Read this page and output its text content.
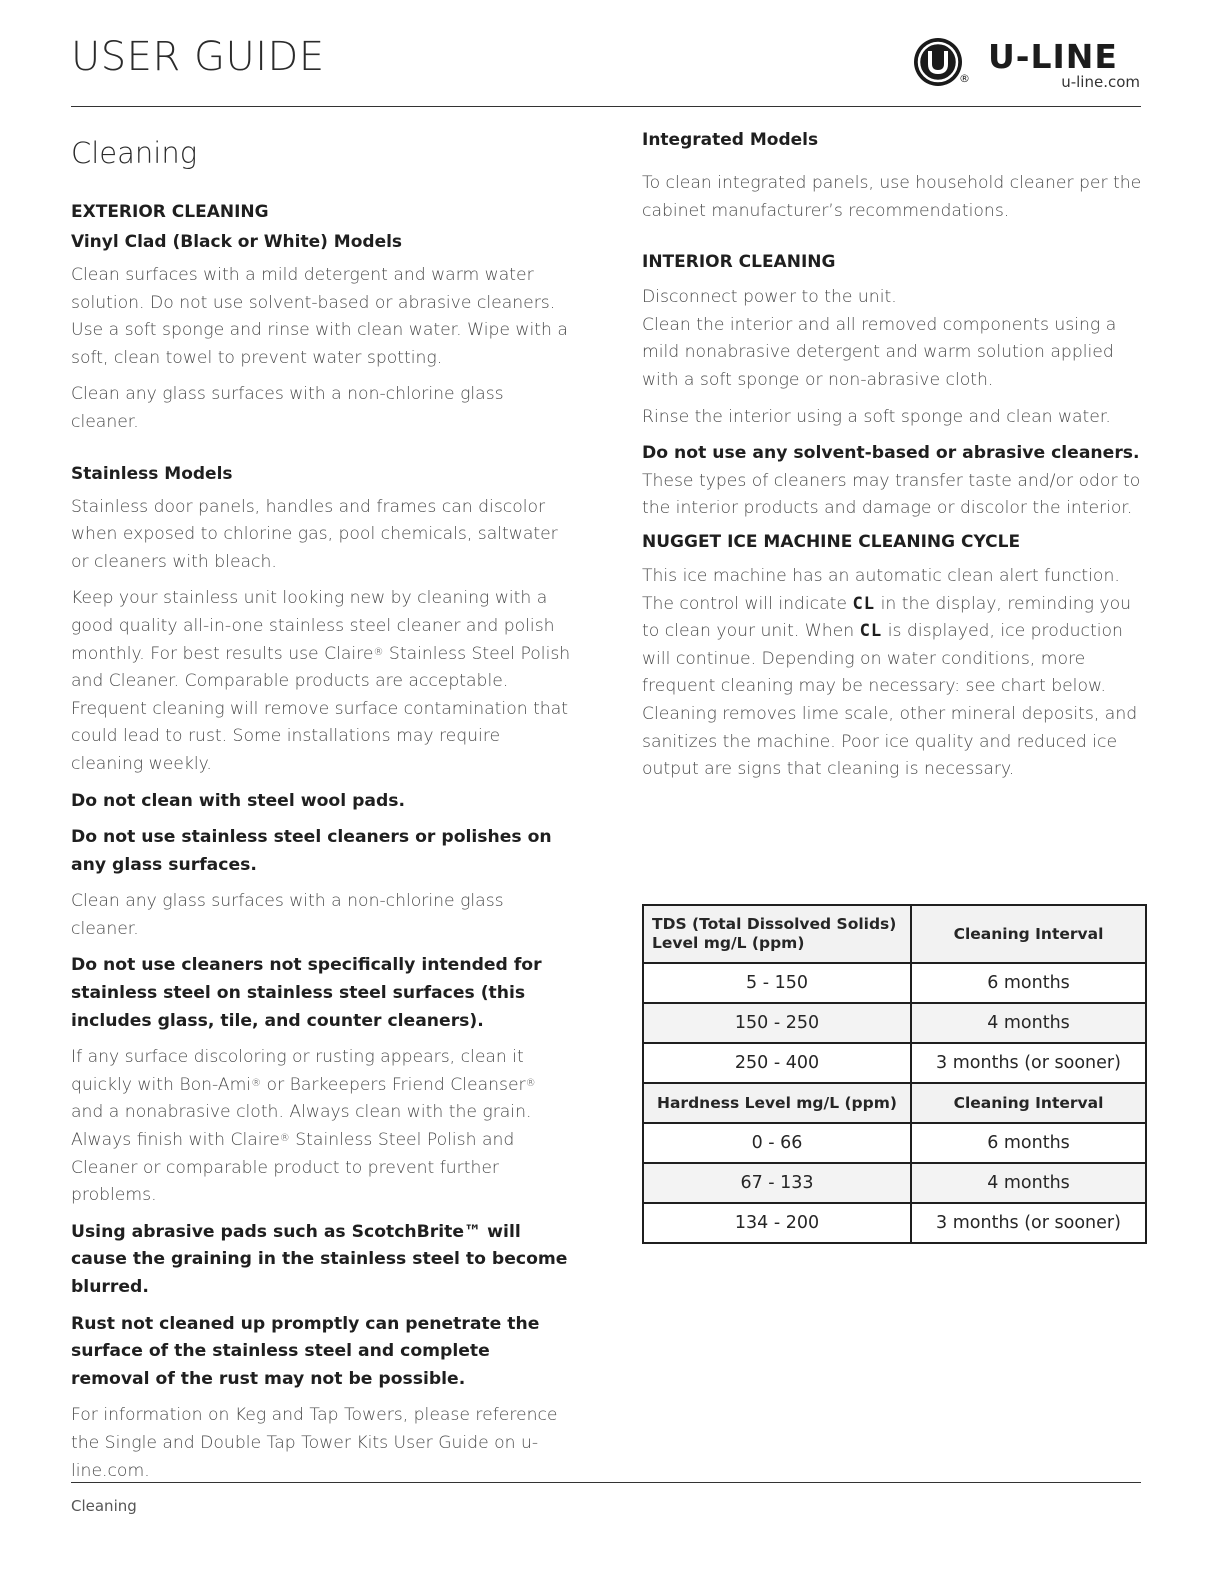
USER GUIDE	®
U-LINE
u-line.com
Cleaning
EXTERIOR CLEANING
Vinyl Clad (Black or White) Models

Clean surfaces with a mild detergent and warm water solution. Do not use solvent-based or abrasive cleaners. Use a soft sponge and rinse with clean water. Wipe with a soft, clean towel to prevent water spotting.

Clean any glass surfaces with a non-chlorine glass cleaner.

Stainless Models

Stainless door panels, handles and frames can discolor when exposed to chlorine gas, pool chemicals, saltwater or cleaners with bleach.

Keep your stainless unit looking new by cleaning with a good quality all-in-one stainless steel cleaner and polish monthly. For best results use Claire® Stainless Steel Polish and Cleaner. Comparable products are acceptable. Frequent cleaning will remove surface contamination that could lead to rust. Some installations may require cleaning weekly.

Do not clean with steel wool pads.

Do not use stainless steel cleaners or polishes on any glass surfaces.

Clean any glass surfaces with a non-chlorine glass cleaner.

Do not use cleaners not specifically intended for stainless steel on stainless steel surfaces (this includes glass, tile, and counter cleaners).

If any surface discoloring or rusting appears, clean it quickly with Bon-Ami® or Barkeepers Friend Cleanser® and a nonabrasive cloth. Always clean with the grain. Always finish with Claire® Stainless Steel Polish and Cleaner or comparable product to prevent further problems.

Using abrasive pads such as ScotchBrite™ will cause the graining in the stainless steel to become blurred.

Rust not cleaned up promptly can penetrate the surface of the stainless steel and complete removal of the rust may not be possible.

For information on Keg and Tap Towers, please reference the Single and Double Tap Tower Kits User Guide on u-line.com.

Integrated Models

To clean integrated panels, use household cleaner per the cabinet manufacturer’s recommendations.

INTERIOR CLEANING

Disconnect power to the unit.
Clean the interior and all removed components using a mild nonabrasive detergent and warm solution applied with a soft sponge or non-abrasive cloth.

Rinse the interior using a soft sponge and clean water.

Do not use any solvent-based or abrasive cleaners. These types of cleaners may transfer taste and/or odor to the interior products and damage or discolor the interior.

NUGGET ICE MACHINE CLEANING CYCLE

This ice machine has an automatic clean alert function. The control will indicate CL in the display, reminding you to clean your unit. When CL is displayed, ice production will continue. Depending on water conditions, more frequent cleaning may be necessary: see chart below. Cleaning removes lime scale, other mineral deposits, and sanitizes the machine. Poor ice quality and reduced ice output are signs that cleaning is necessary.

TDS (Total Dissolved Solids) Level mg/L (ppm)	Cleaning Interval
5 - 150	6 months
150 - 250	4 months
250 - 400	3 months (or sooner)
Hardness Level mg/L (ppm)	Cleaning Interval
0 - 66	6 months
67 - 133	4 months
134 - 200	3 months (or sooner)
Cleaning
